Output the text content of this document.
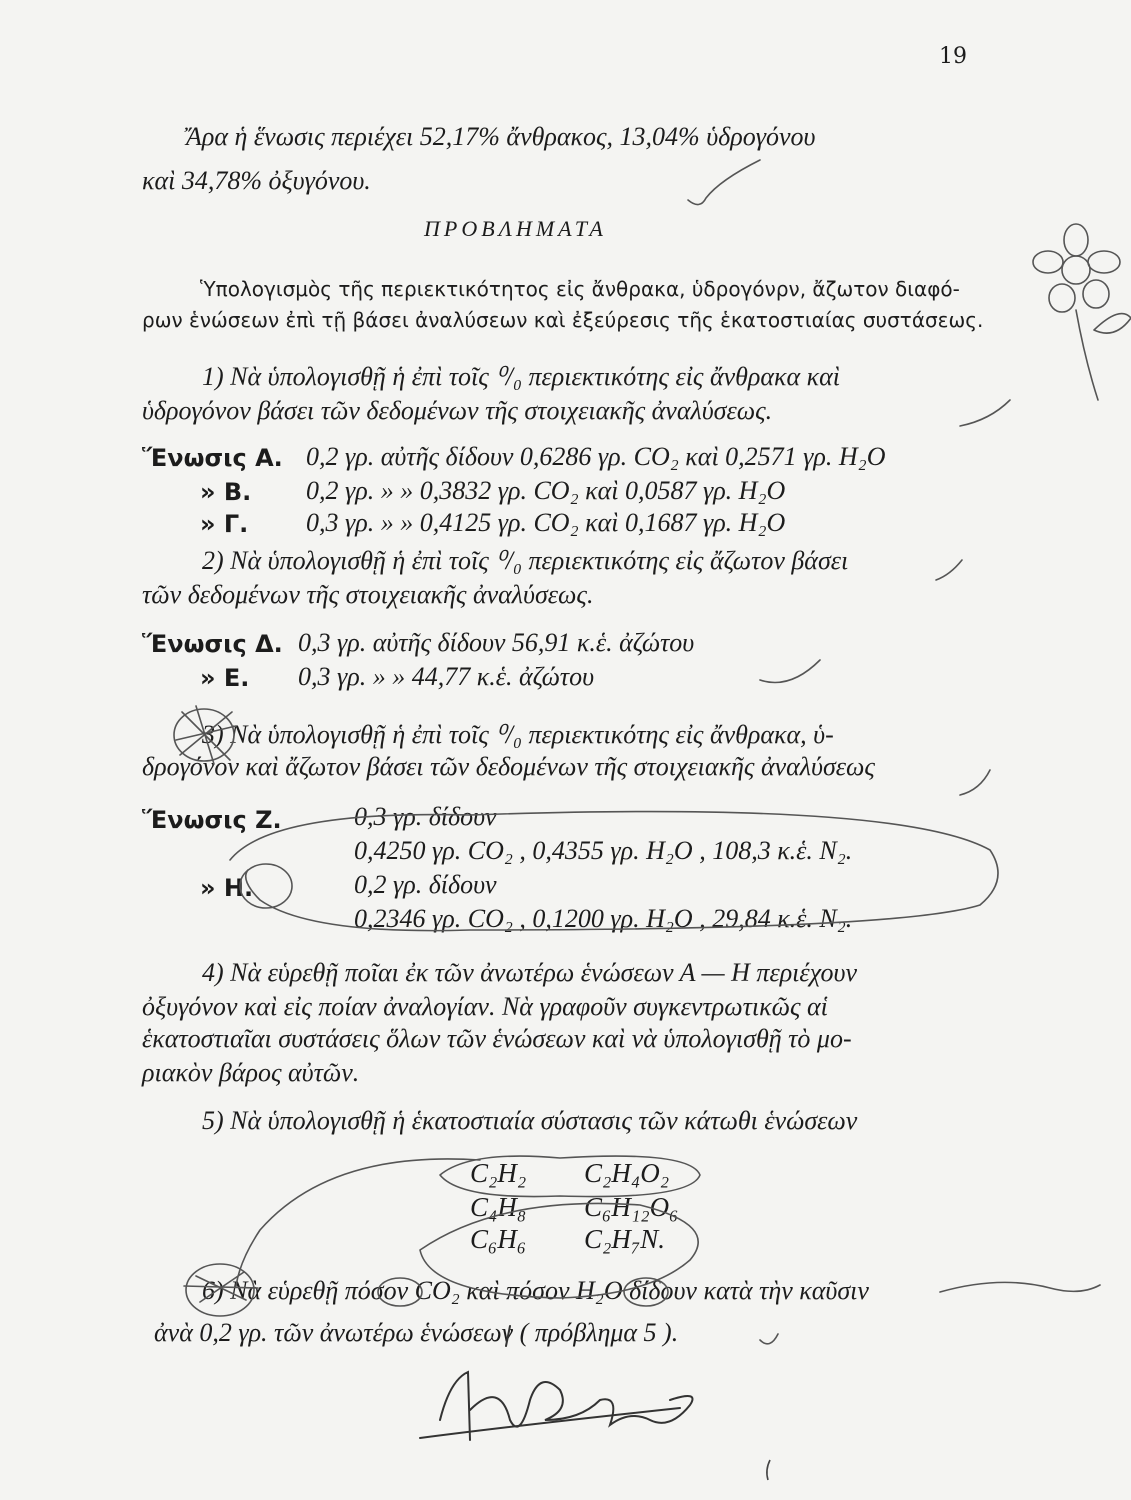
19
Ἄρα ἡ ἕνωσις περιέχει 52,17% ἄνθρακος, 13,04% ὑδρογόνου
καὶ 34,78% ὀξυγόνου.
ΠΡΟΒΛΗΜΑΤΑ
Ὑπολογισμὸς τῆς περιεκτικότητος εἰς ἄνθρακα, ὑδρογόνρν, ἄζωτον διαφό-
ρων ἑνώσεων ἐπὶ τῇ βάσει ἀναλύσεων καὶ ἐξεύρεσις τῆς ἑκατοστιαίας συστάσεως.
1) Νὰ ὑπολογισθῇ ἡ ἐπὶ τοῖς ⁰/₀ περιεκτικότης εἰς ἄνθρακα καὶ
ὑδρογόνον βάσει τῶν δεδομένων τῆς στοιχειακῆς ἀναλύσεως.
Ἕνωσις Α. 0,2 γρ. αὐτῆς δίδουν 0,6286 γρ. CO₂ καὶ 0,2571 γρ. H₂O
» Β. 0,2 γρ. » » 0,3832 γρ. CO₂ καὶ 0,0587 γρ. H₂O
» Γ. 0,3 γρ. » » 0,4125 γρ. CO₂ καὶ 0,1687 γρ. H₂O
2) Νὰ ὑπολογισθῇ ἡ ἐπὶ τοῖς ⁰/₀ περιεκτικότης εἰς ἄζωτον βάσει
τῶν δεδομένων τῆς στοιχειακῆς ἀναλύσεως.
Ἕνωσις Δ. 0,3 γρ. αὐτῆς δίδουν 56,91 κ.ἑ. ἀζώτου
» Ε. 0,3 γρ. » » 44,77 κ.ἑ. ἀζώτου
3) Νὰ ὑπολογισθῇ ἡ ἐπὶ τοῖς ⁰/₀ περιεκτικότης εἰς ἄνθρακα, ὑ-
δρογόνον καὶ ἄζωτον βάσει τῶν δεδομένων τῆς στοιχειακῆς ἀναλύσεως
Ἕνωσις Ζ.	0,3 γρ. δίδουν
0,4250 γρ. CO₂ , 0,4355 γρ. H₂O , 108,3 κ.ἑ. N₂.
» Η.	0,2 γρ. δίδουν
0,2346 γρ. CO₂ , 0,1200 γρ. H₂O , 29,84 κ.ἑ. N₂.
4) Νὰ εὑρεθῇ ποῖαι ἐκ τῶν ἀνωτέρω ἑνώσεων Α — Η περιέχουν
ὀξυγόνον καὶ εἰς ποίαν ἀναλογίαν. Νὰ γραφοῦν συγκεντρωτικῶς αἱ
ἑκατοστιαῖαι συστάσεις ὅλων τῶν ἑνώσεων καὶ νὰ ὑπολογισθῇ τὸ μο-
ριακὸν βάρος αὐτῶν.
5) Νὰ ὑπολογισθῇ ἡ ἑκατοστιαία σύστασις τῶν κάτωθι ἑνώσεων
C₂H₂
C₄H₈
C₆H₆
C₂H₄O₂
C₆H₁₂O₆
C₂H₇N.
6) Νὰ εὑρεθῇ πόσον CO₂ καὶ πόσον H₂O δίδουν κατὰ τὴν καῦσιν
ἀνὰ 0,2 γρ. τῶν ἀνωτέρω ἑνώσεων ( πρόβλημα 5 ).
